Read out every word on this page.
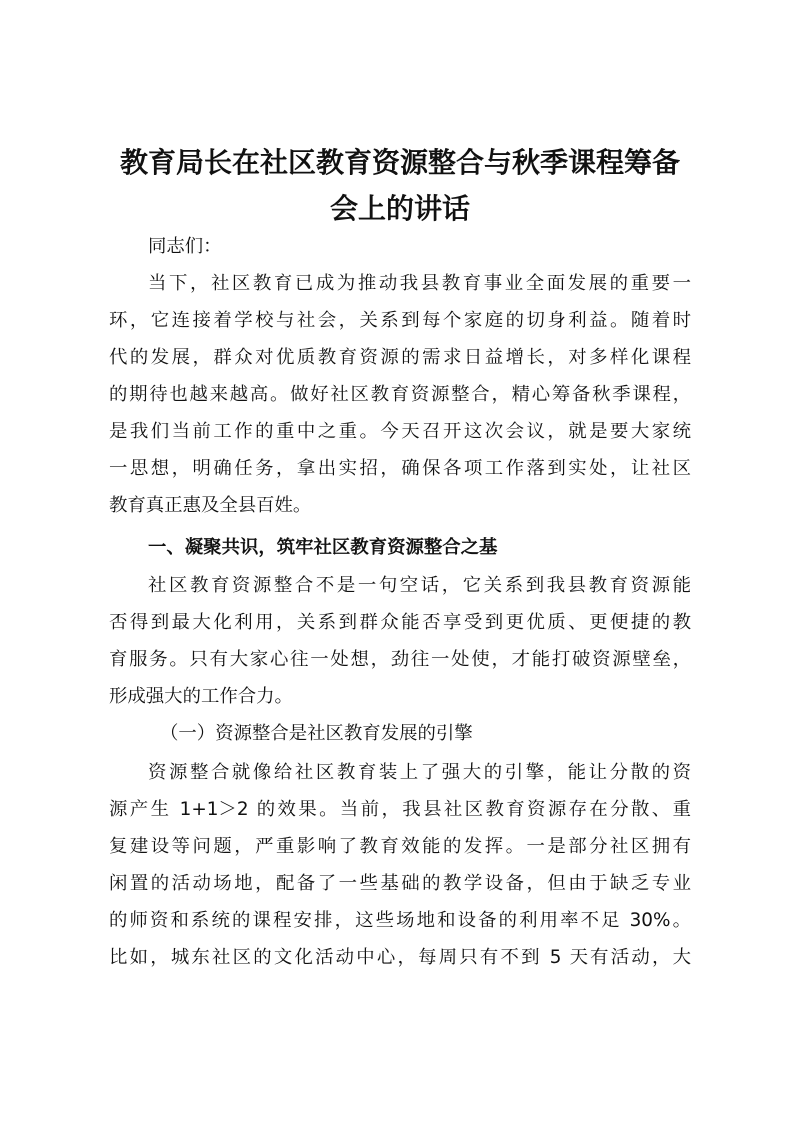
教育局长在社区教育资源整合与秋季课程筹备
会上的讲话
同志们：
当下，社区教育已成为推动我县教育事业全面发展的重要一
环，它连接着学校与社会，关系到每个家庭的切身利益。随着时
代的发展，群众对优质教育资源的需求日益增长，对多样化课程
的期待也越来越高。做好社区教育资源整合，精心筹备秋季课程，
是我们当前工作的重中之重。今天召开这次会议，就是要大家统
一思想，明确任务，拿出实招，确保各项工作落到实处，让社区
教育真正惠及全县百姓。
一、凝聚共识，筑牢社区教育资源整合之基
社区教育资源整合不是一句空话，它关系到我县教育资源能
否得到最大化利用，关系到群众能否享受到更优质、更便捷的教
育服务。只有大家心往一处想，劲往一处使，才能打破资源壁垒，
形成强大的工作合力。
（一）资源整合是社区教育发展的引擎
资源整合就像给社区教育装上了强大的引擎，能让分散的资
源产生 1+1＞2 的效果。当前，我县社区教育资源存在分散、重
复建设等问题，严重影响了教育效能的发挥。一是部分社区拥有
闲置的活动场地，配备了一些基础的教学设备，但由于缺乏专业
的师资和系统的课程安排，这些场地和设备的利用率不足 30%。
比如，城东社区的文化活动中心，每周只有不到 5 天有活动，大
